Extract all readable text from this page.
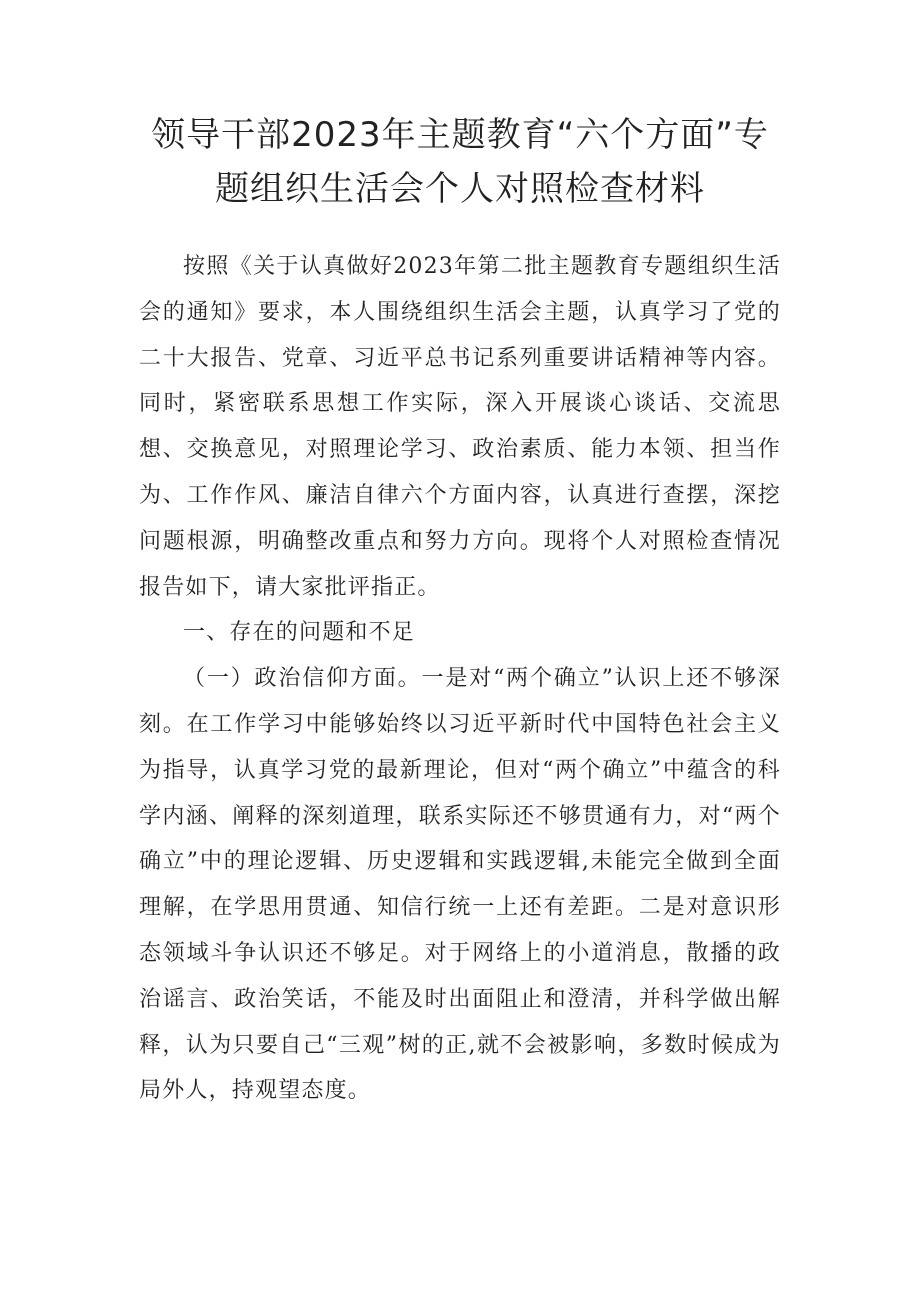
领导干部2023年主题教育“六个方面”专
题组织生活会个人对照检查材料

按照《关于认真做好2023年第二批主题教育专题组织生活会的通知》要求，本人围绕组织生活会主题，认真学习了党的二十大报告、党章、习近平总书记系列重要讲话精神等内容。同时，紧密联系思想工作实际，深入开展谈心谈话、交流思想、交换意见，对照理论学习、政治素质、能力本领、担当作为、工作作风、廉洁自律六个方面内容，认真进行查摆，深挖问题根源，明确整改重点和努力方向。现将个人对照检查情况报告如下，请大家批评指正。

一、存在的问题和不足

（一）政治信仰方面。一是对“两个确立”认识上还不够深刻。在工作学习中能够始终以习近平新时代中国特色社会主义为指导，认真学习党的最新理论，但对“两个确立”中蕴含的科学内涵、阐释的深刻道理，联系实际还不够贯通有力，对“两个确立”中的理论逻辑、历史逻辑和实践逻辑,未能完全做到全面理解，在学思用贯通、知信行统一上还有差距。二是对意识形态领域斗争认识还不够足。对于网络上的小道消息，散播的政治谣言、政治笑话，不能及时出面阻止和澄清，并科学做出解释，认为只要自己“三观”树的正,就不会被影响，多数时候成为局外人，持观望态度。
